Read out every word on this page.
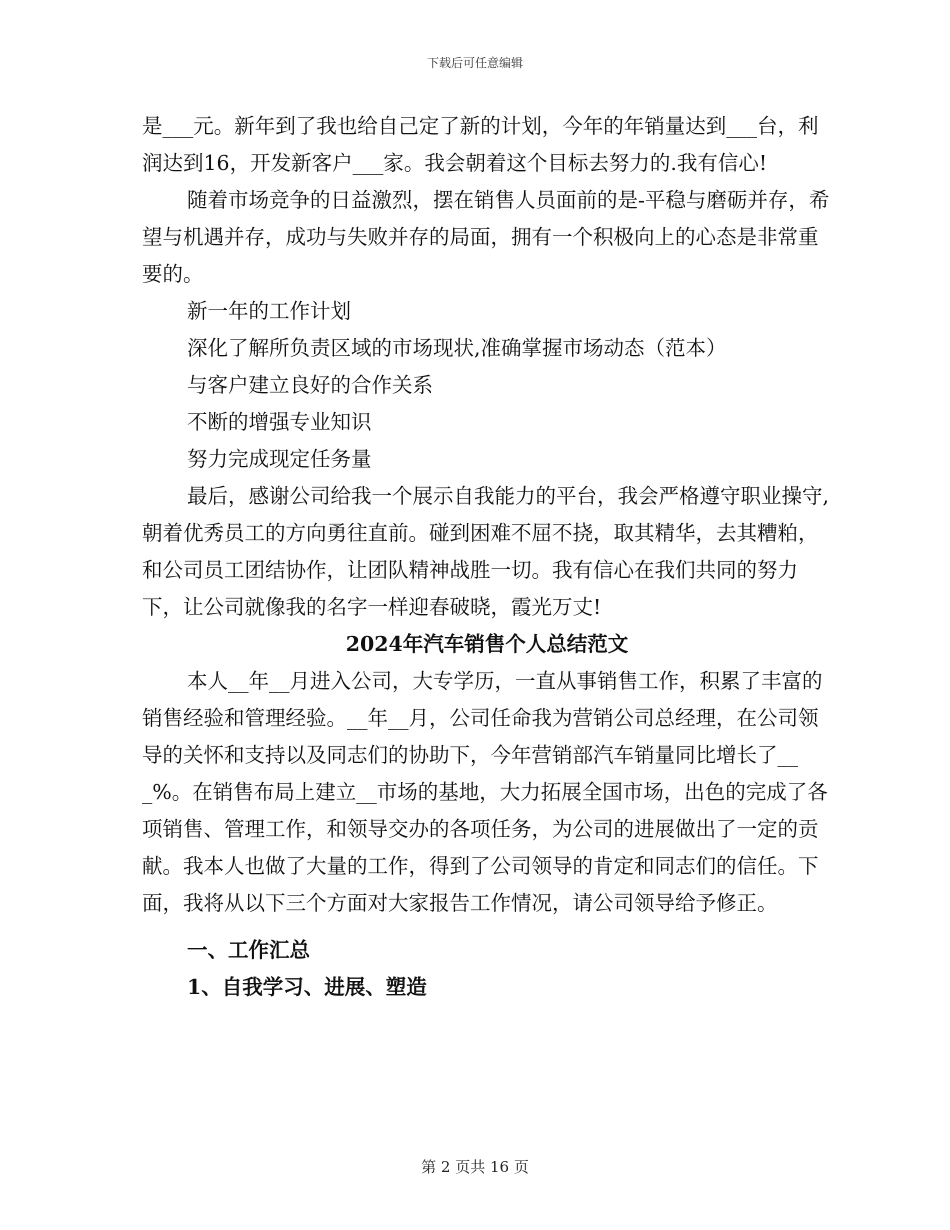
下载后可任意编辑

是___元。新年到了我也给自己定了新的计划，今年的年销量达到___台，利润达到16，开发新客户___家。我会朝着这个目标去努力的.我有信心!

随着市场竞争的日益激烈，摆在销售人员面前的是-平稳与磨砺并存，希望与机遇并存，成功与失败并存的局面，拥有一个积极向上的心态是非常重要的。

新一年的工作计划

深化了解所负责区域的市场现状,准确掌握市场动态（范本）

与客户建立良好的合作关系

不断的增强专业知识

努力完成现定任务量

最后，感谢公司给我一个展示自我能力的平台，我会严格遵守职业操守,朝着优秀员工的方向勇往直前。碰到困难不屈不挠，取其精华，去其糟粕，和公司员工团结协作，让团队精神战胜一切。我有信心在我们共同的努力下，让公司就像我的名字一样迎春破晓，霞光万丈!

2024年汽车销售个人总结范文

本人__年__月进入公司，大专学历，一直从事销售工作，积累了丰富的销售经验和管理经验。__年__月，公司任命我为营销公司总经理，在公司领导的关怀和支持以及同志们的协助下，今年营销部汽车销量同比增长了___%。在销售布局上建立__市场的基地，大力拓展全国市场，出色的完成了各项销售、管理工作，和领导交办的各项任务，为公司的进展做出了一定的贡献。我本人也做了大量的工作，得到了公司领导的肯定和同志们的信任。下面，我将从以下三个方面对大家报告工作情况，请公司领导给予修正。

一、工作汇总
1、自我学习、进展、塑造
第 2 页共 16 页
